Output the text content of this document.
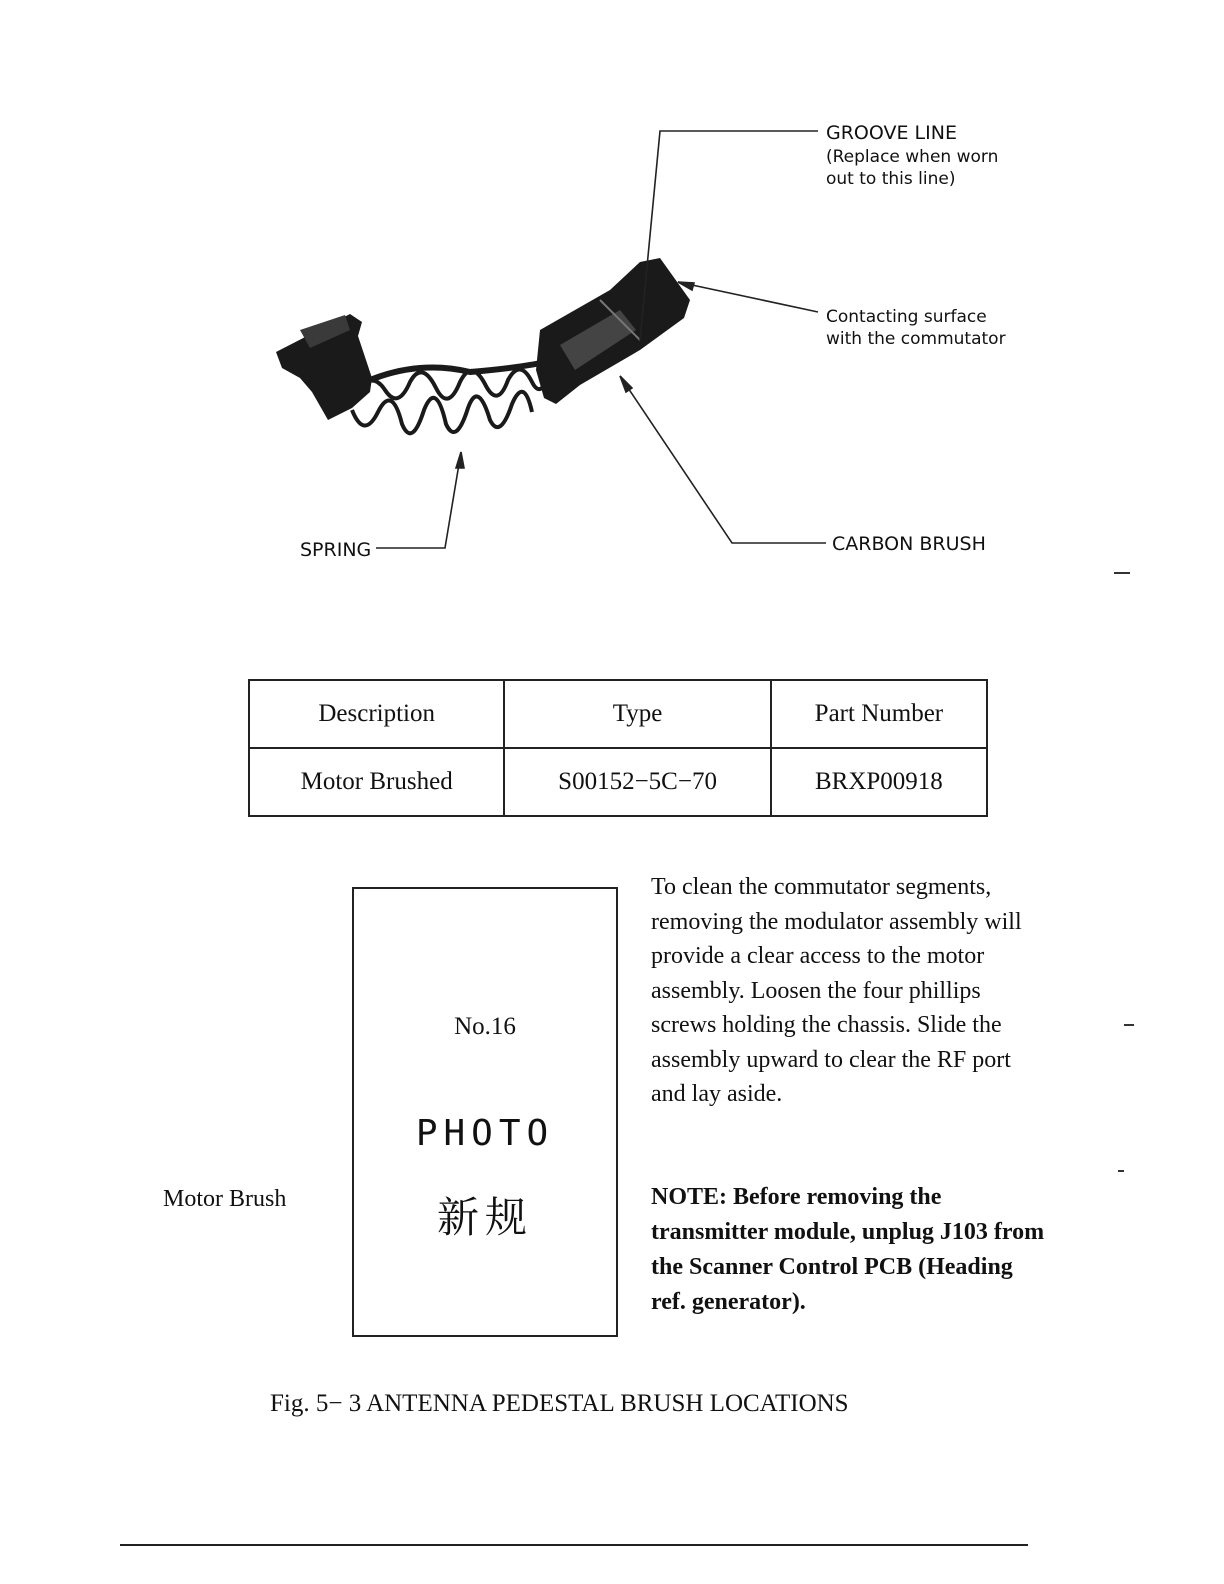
GROOVE LINE
(Replace when worn out to this line)
Contacting surface with the commutator
CARBON BRUSH
SPRING
Description	Type	Part Number
Motor Brushed	S00152−5C−70	BRXP00918
No.16
PHOTO
新规
Motor Brush
To clean the commutator segments, removing the modulator assembly will provide a clear access to the motor assembly. Loosen the four phillips screws holding the chassis. Slide the assembly upward to clear the RF port and lay aside.
NOTE: Before removing the transmitter module, unplug J103 from the Scanner Control PCB (Heading ref. generator).
Fig. 5− 3 ANTENNA PEDESTAL BRUSH LOCATIONS
